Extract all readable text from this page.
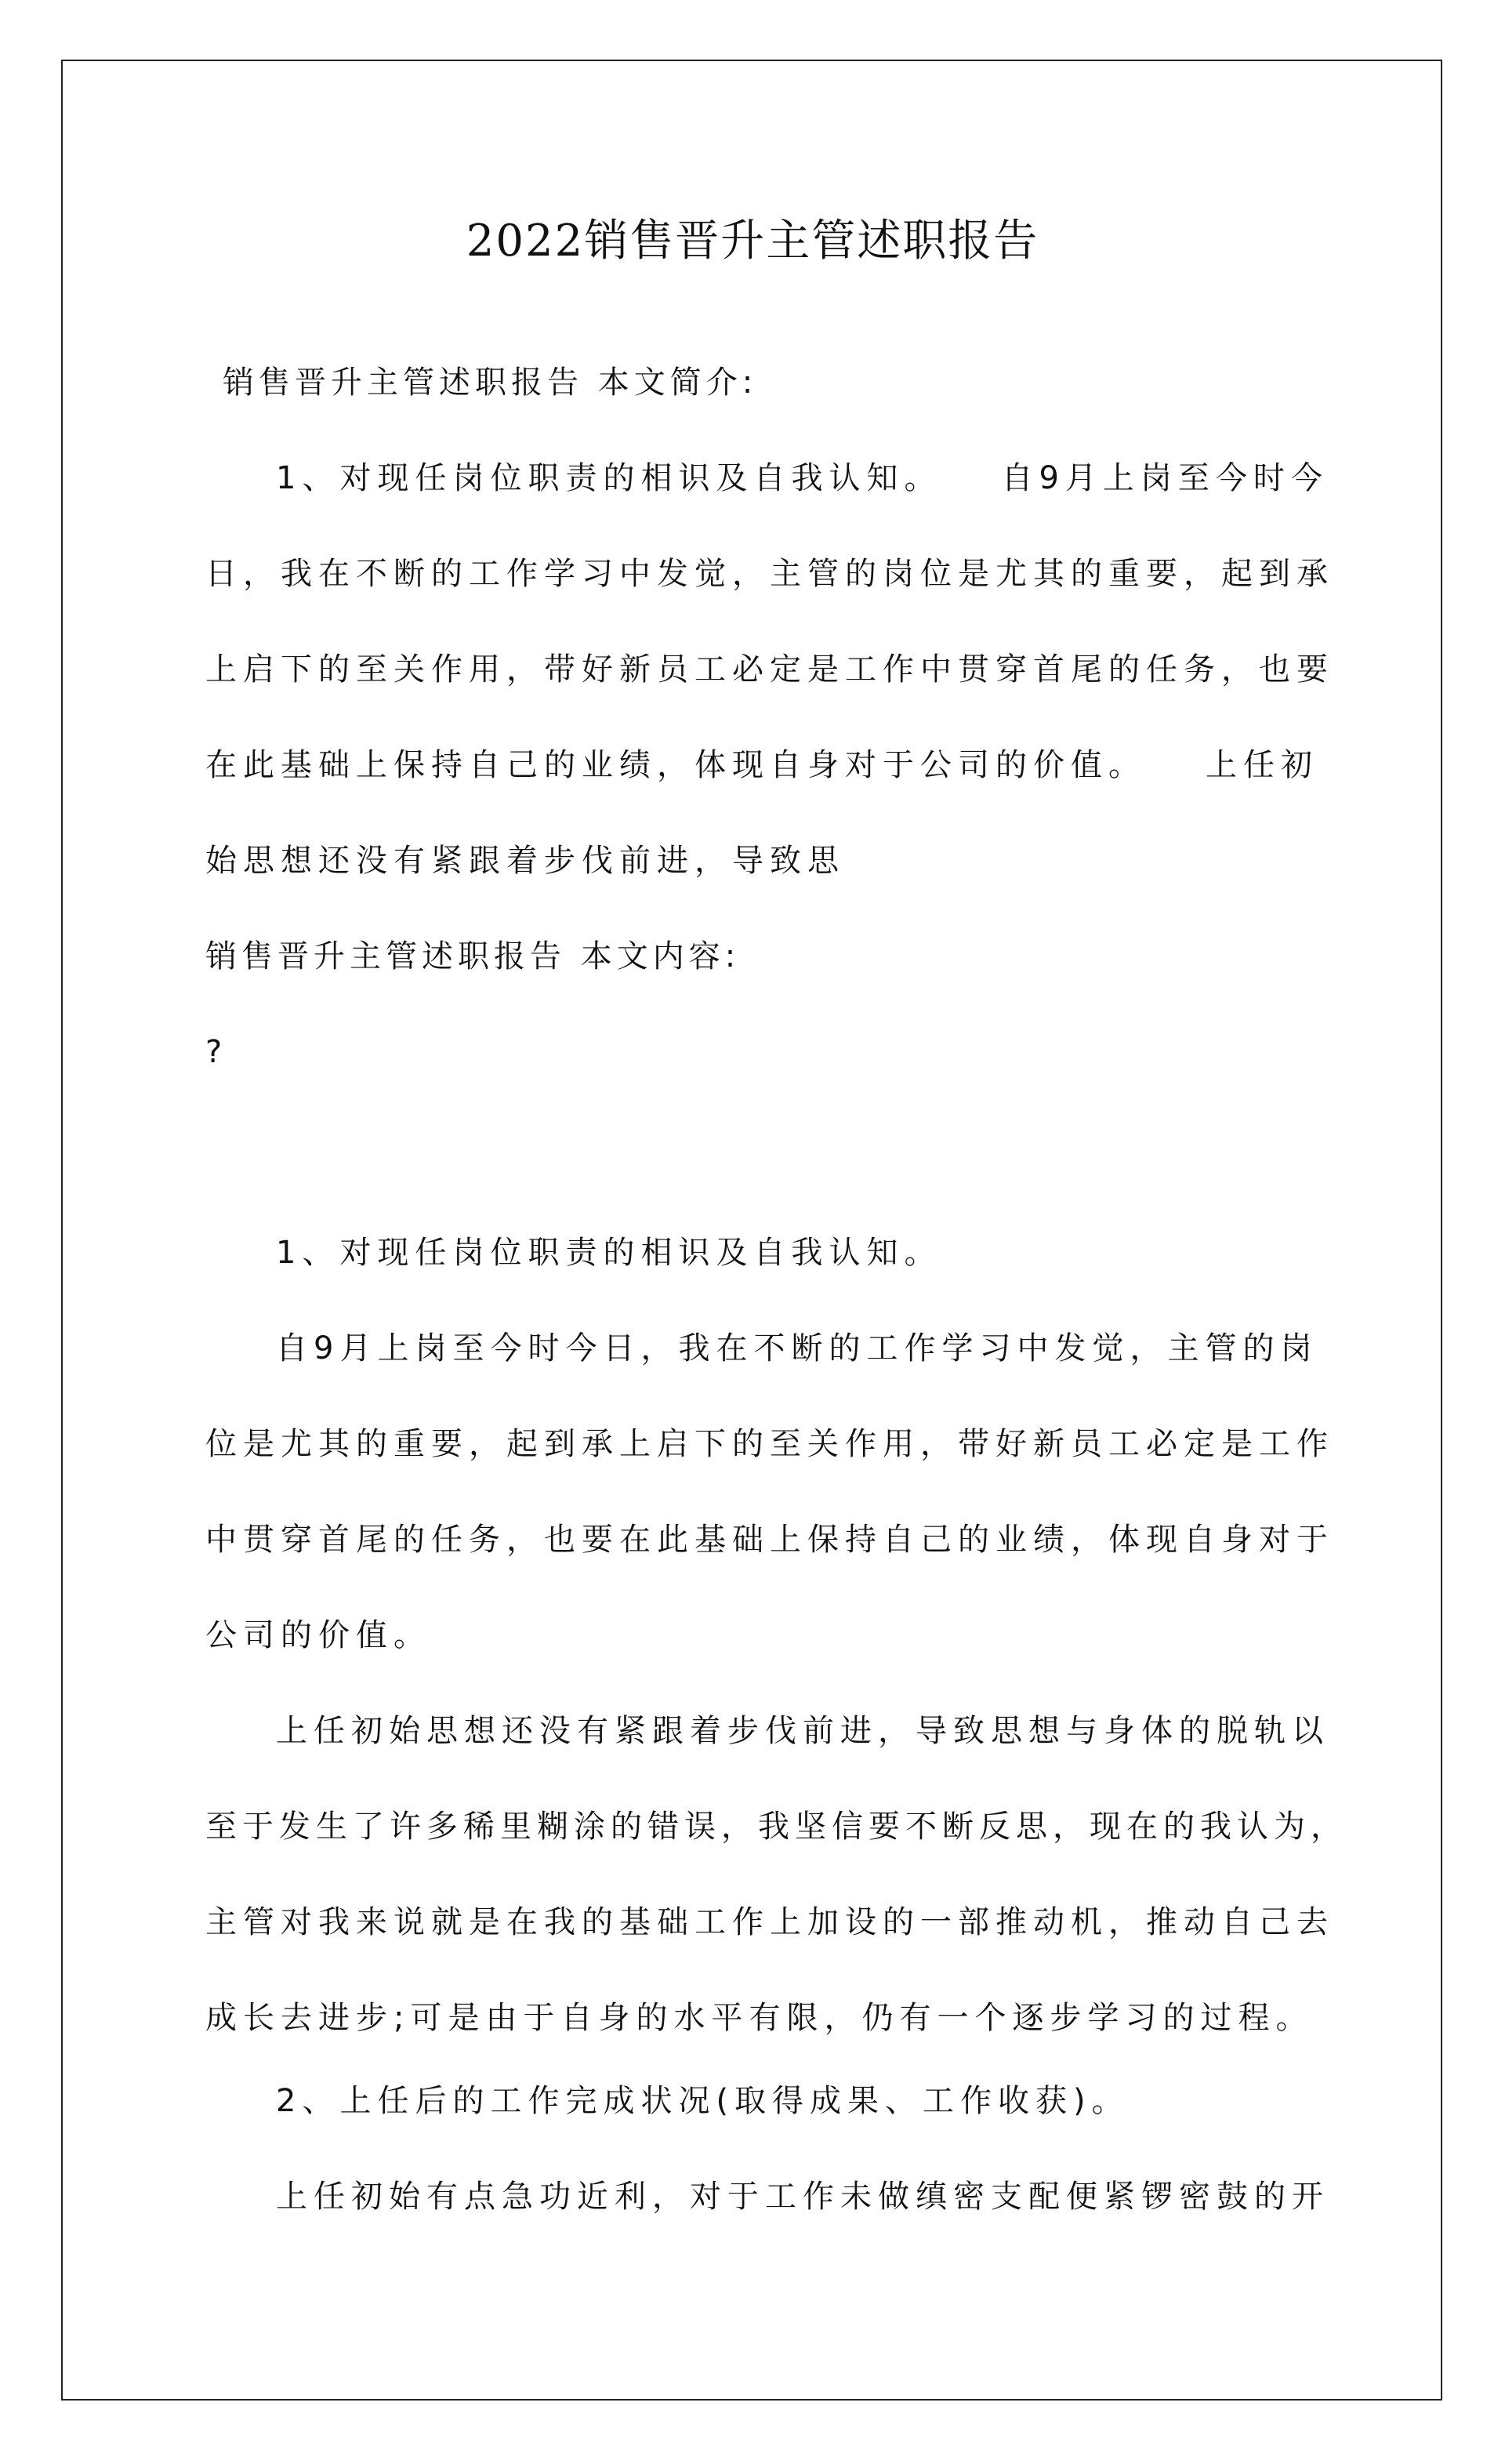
2022销售晋升主管述职报告

销售晋升主管述职报告 本文简介:

1、对现任岗位职责的相识及自我认知。　　自9月上岗至今时今

日，我在不断的工作学习中发觉，主管的岗位是尤其的重要，起到承

上启下的至关作用，带好新员工必定是工作中贯穿首尾的任务，也要

在此基础上保持自己的业绩，体现自身对于公司的价值。　　上任初

始思想还没有紧跟着步伐前进，导致思

销售晋升主管述职报告 本文内容:

?

1、对现任岗位职责的相识及自我认知。

自9月上岗至今时今日，我在不断的工作学习中发觉，主管的岗

位是尤其的重要，起到承上启下的至关作用，带好新员工必定是工作

中贯穿首尾的任务，也要在此基础上保持自己的业绩，体现自身对于

公司的价值。

上任初始思想还没有紧跟着步伐前进，导致思想与身体的脱轨以

至于发生了许多稀里糊涂的错误，我坚信要不断反思，现在的我认为，

主管对我来说就是在我的基础工作上加设的一部推动机，推动自己去

成长去进步;可是由于自身的水平有限，仍有一个逐步学习的过程。

2、上任后的工作完成状况(取得成果、工作收获)。

上任初始有点急功近利，对于工作未做缜密支配便紧锣密鼓的开
